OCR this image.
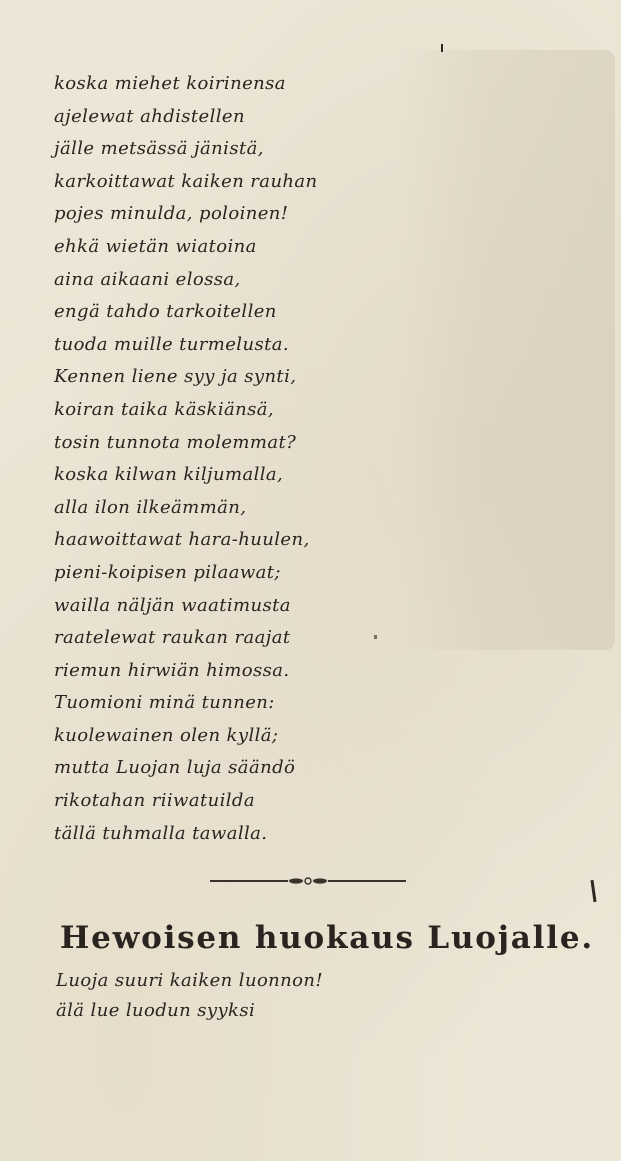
koska miehet koirinensa
ajelewat ahdistellen
jälle metsässä jänistä,
karkoittawat kaiken rauhan
pojes minulda, poloinen!
ehkä wietän wiatoina
aina aikaani elossa,
engä tahdo tarkoitellen
tuoda muille turmelusta.
Kennen liene syy ja synti,
koiran taika käskiänsä,
tosin tunnota molemmat?
koska kilwan kiljumalla,
alla ilon ilkeämmän,
haawoittawat hara-huulen,
pieni-koipisen pilaawat;
wailla näljän waatimusta
raatelewat raukan raajat
riemun hirwiän himossa.
Tuomioni minä tunnen:
kuolewainen olen kyllä;
mutta Luojan luja säändö
rikotahan riiwatuilda
tällä tuhmalla tawalla.
Hewoisen huokaus Luojalle.
Luoja suuri kaiken luonnon!
älä lue luodun syyksi
